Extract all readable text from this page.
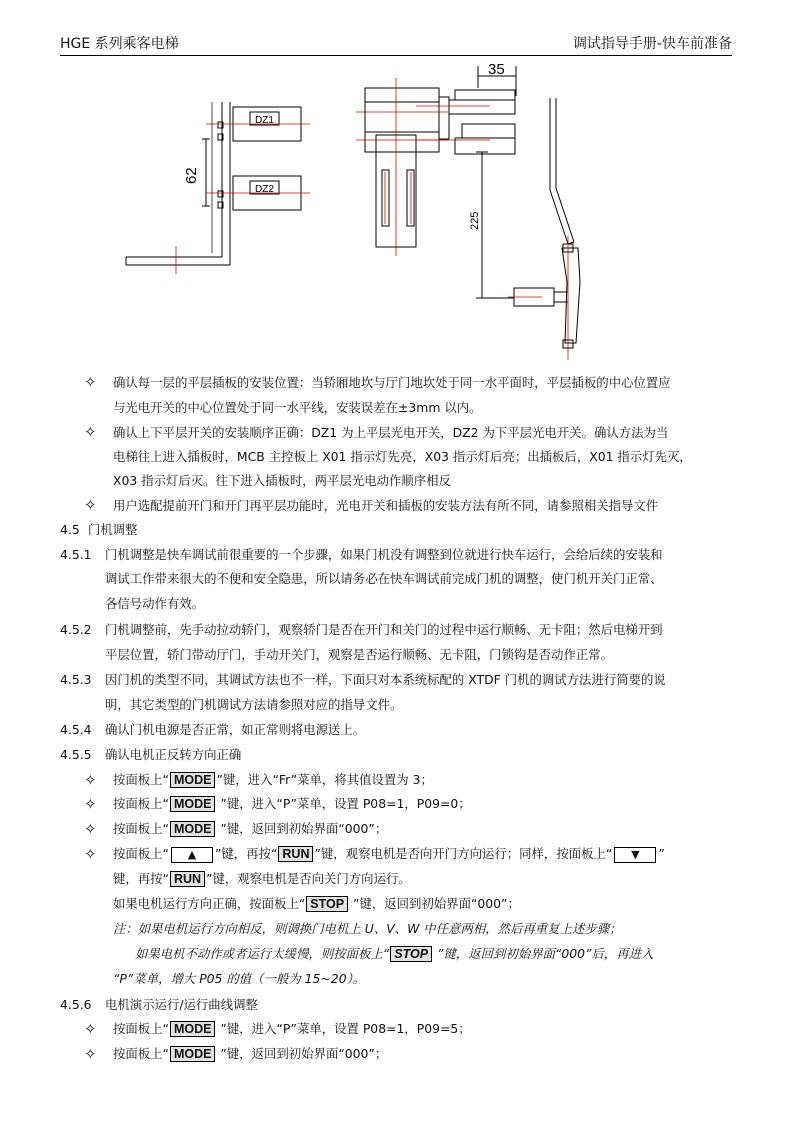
HGE 系列乘客电梯	调试指导手册-快车前准备
DZ1
DZ2
35
62
225
✧ 确认每一层的平层插板的安装位置：当轿厢地坎与厅门地坎处于同一水平面时，平层插板的中心位置应
与光电开关的中心位置处于同一水平线，安装误差在±3mm 以内。
✧ 确认上下平层开关的安装顺序正确：DZ1 为上平层光电开关，DZ2 为下平层光电开关。确认方法为当
电梯往上进入插板时，MCB 主控板上 X01 指示灯先亮，X03 指示灯后亮；出插板后，X01 指示灯先灭，
X03 指示灯后灭。往下进入插板时，两平层光电动作顺序相反
✧ 用户选配提前开门和开门再平层功能时，光电开关和插板的安装方法有所不同，请参照相关指导文件
4.5 门机调整
4.5.1 门机调整是快车调试前很重要的一个步骤，如果门机没有调整到位就进行快车运行，会给后续的安装和
调试工作带来很大的不便和安全隐患，所以请务必在快车调试前完成门机的调整，使门机开关门正常、
各信号动作有效。
4.5.2 门机调整前，先手动拉动轿门，观察轿门是否在开门和关门的过程中运行顺畅、无卡阻；然后电梯开到
平层位置，轿门带动厅门，手动开关门，观察是否运行顺畅、无卡阻，门锁钩是否动作正常。
4.5.3 因门机的类型不同，其调试方法也不一样，下面只对本系统标配的 XTDF 门机的调试方法进行简要的说
明，其它类型的门机调试方法请参照对应的指导文件。
4.5.4 确认门机电源是否正常，如正常则将电源送上。
4.5.5 确认电机正反转方向正确
✧ 按面板上“ MODE ”键，进入“Fr”菜单，将其值设置为 3；
✧ 按面板上“ MODE ”键，进入“P”菜单，设置 P08=1，P09=0；
✧ 按面板上“ MODE ”键，返回到初始界面“000”；
✧ 按面板上“ ▲ ”键，再按“ RUN ”键，观察电机是否向开门方向运行；同样，按面板上“ ▼ ”
键，再按“ RUN ”键，观察电机是否向关门方向运行。
如果电机运行方向正确，按面板上“ STOP ”键，返回到初始界面“000”；
注：如果电机运行方向相反，则调换门电机上 U、V、W 中任意两相，然后再重复上述步骤；
如果电机不动作或者运行太缓慢，则按面板上“ STOP ”键，返回到初始界面“000”后，再进入
“P”菜单，增大 P05 的值（一般为 15~20）。
4.5.6 电机演示运行/运行曲线调整
✧ 按面板上“ MODE ”键，进入“P”菜单，设置 P08=1，P09=5；
✧ 按面板上“ MODE ”键，返回到初始界面“000”；
